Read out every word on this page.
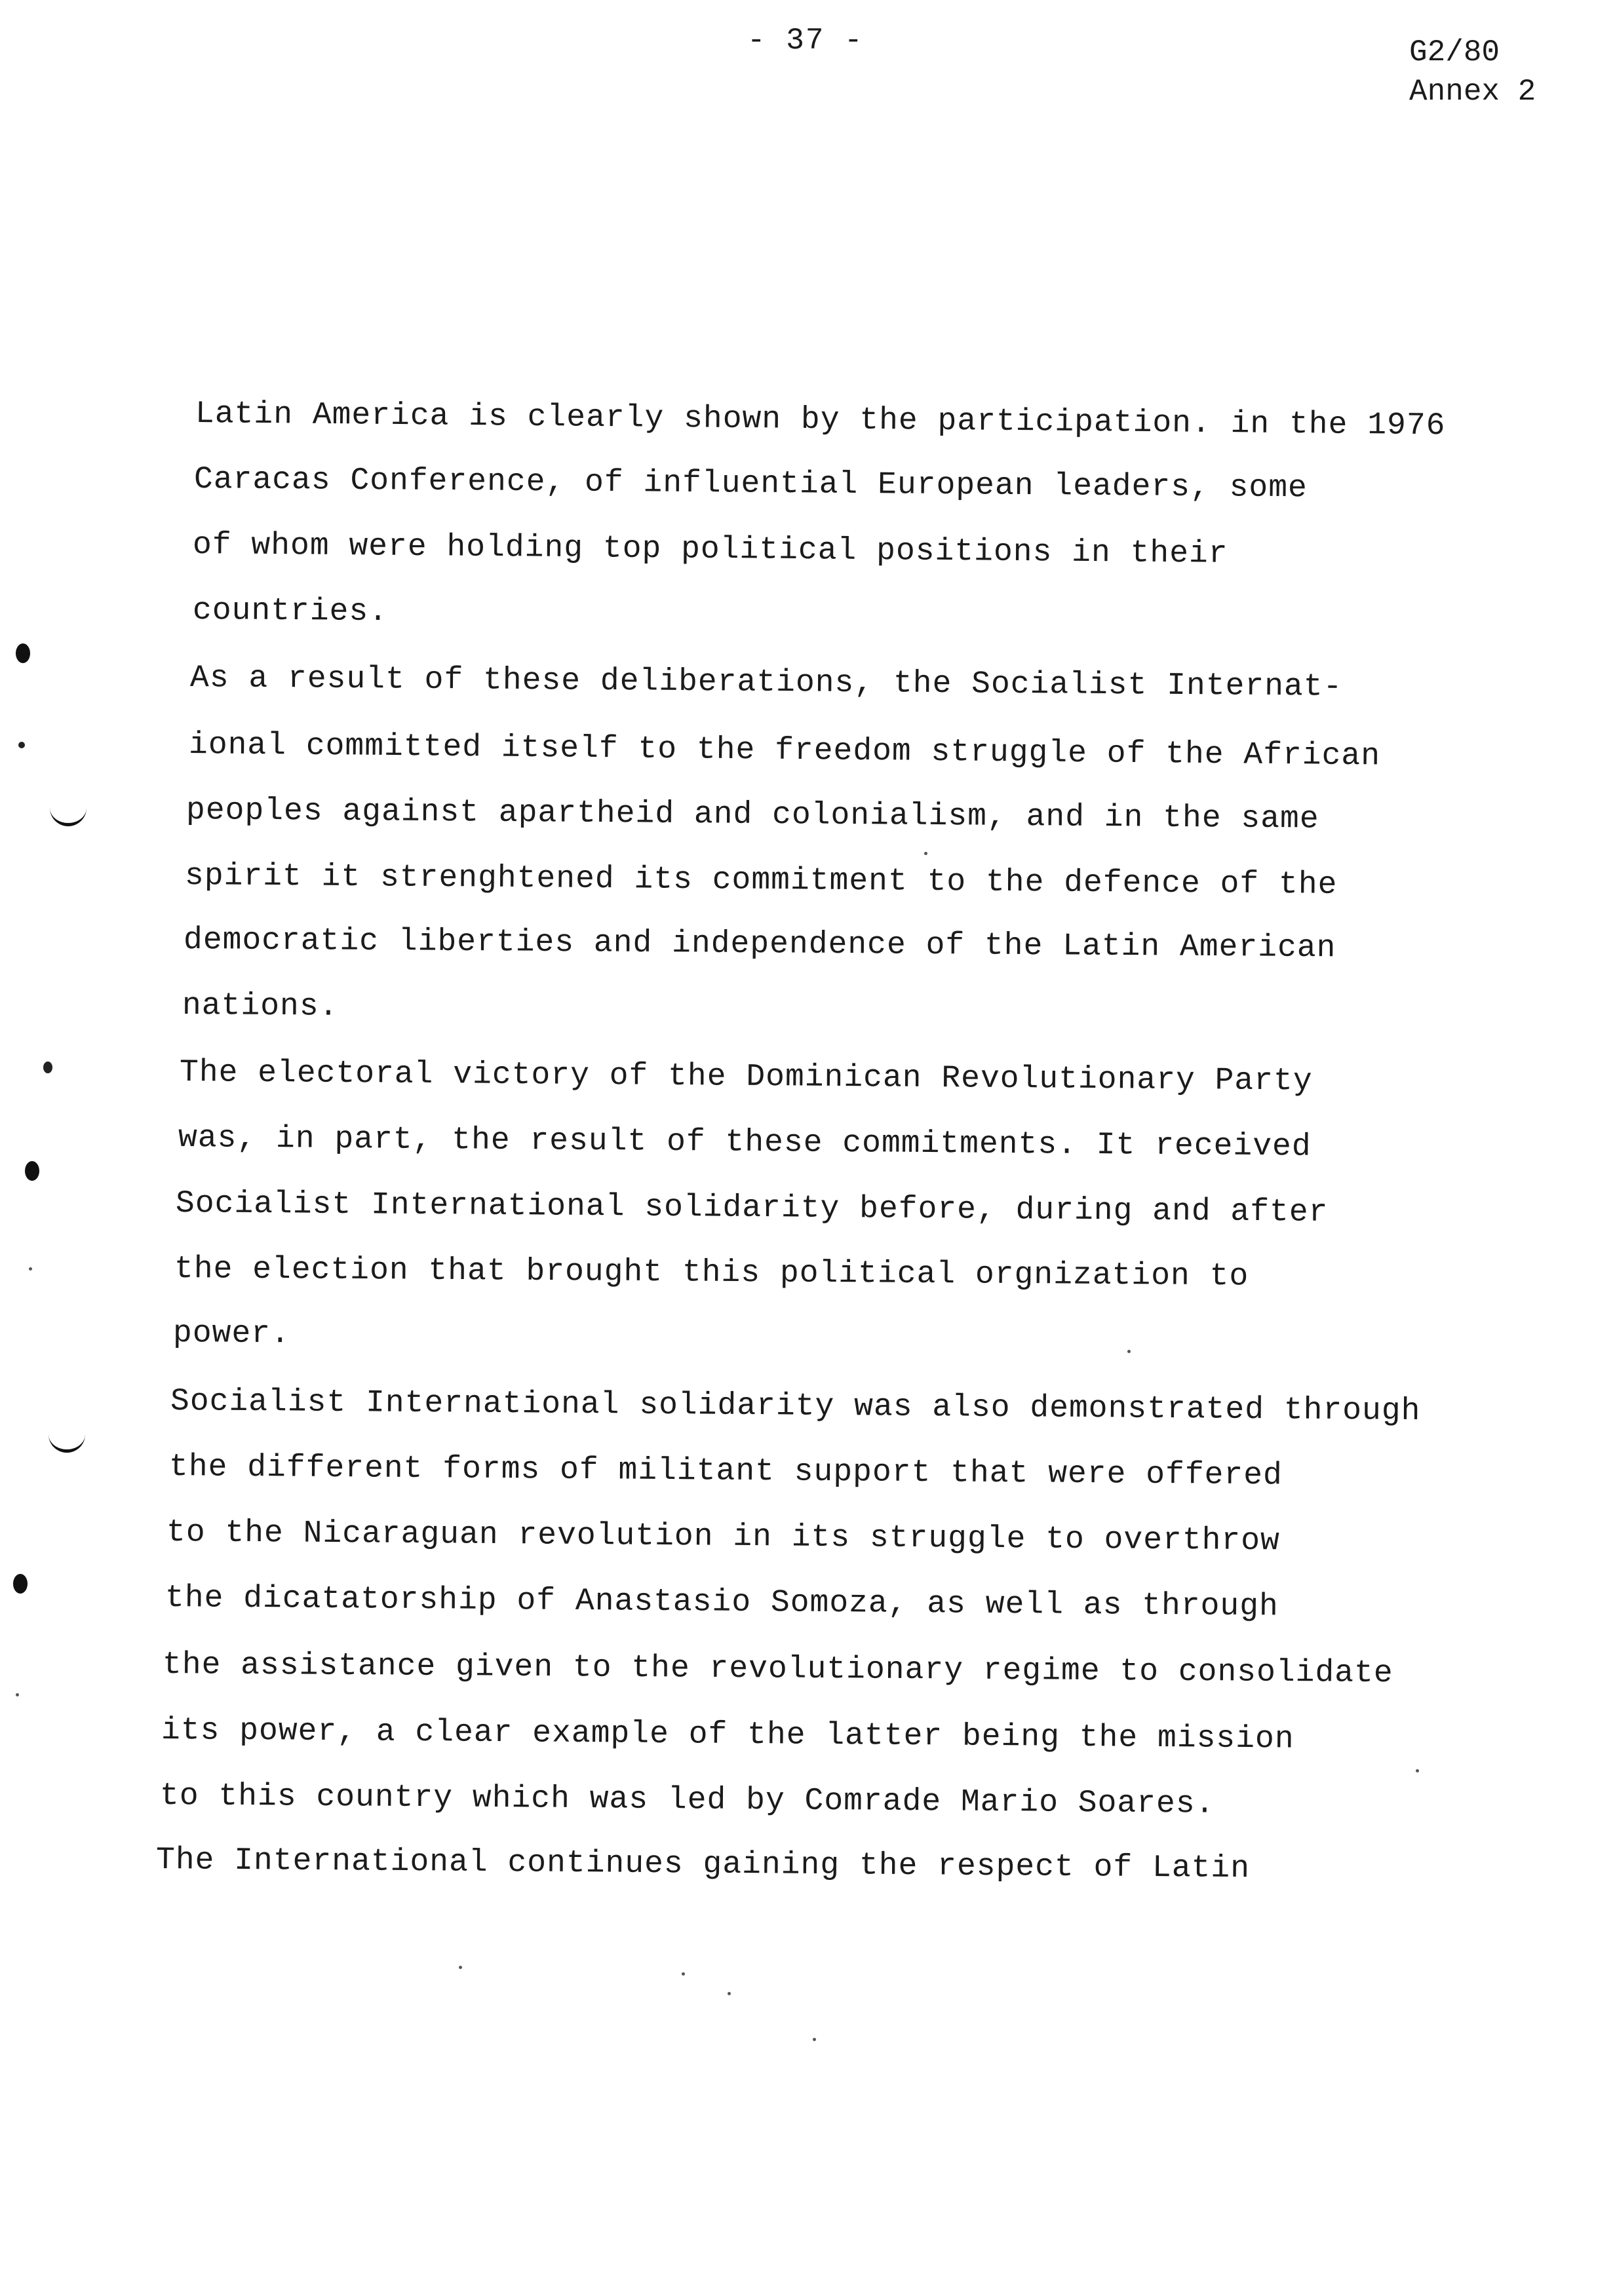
- 37 -	G2/80
Annex 2
Latin America is clearly shown by the participation. in the 1976
Caracas Conference, of influential European leaders, some
of whom were holding top political positions in their
countries.
As a result of these deliberations, the Socialist Internat-
ional committed itself to the freedom struggle of the African
peoples against apartheid and colonialism, and in the same
spirit it strenghtened its commitment to the defence of the
democratic liberties and independence of the Latin American
nations.
The electoral victory of the Dominican Revolutionary Party
was, in part, the result of these commitments. It received
Socialist International solidarity before, during and after
the election that brought this political orgnization to
power.
Socialist International solidarity was also demonstrated through
the different forms of militant support that were offered
to the Nicaraguan revolution in its struggle to overthrow
the dicatatorship of Anastasio Somoza, as well as through
the assistance given to the revolutionary regime to consolidate
its power, a clear example of the latter being the mission
to this country which was led by Comrade Mario Soares.
The International continues gaining the respect of Latin
